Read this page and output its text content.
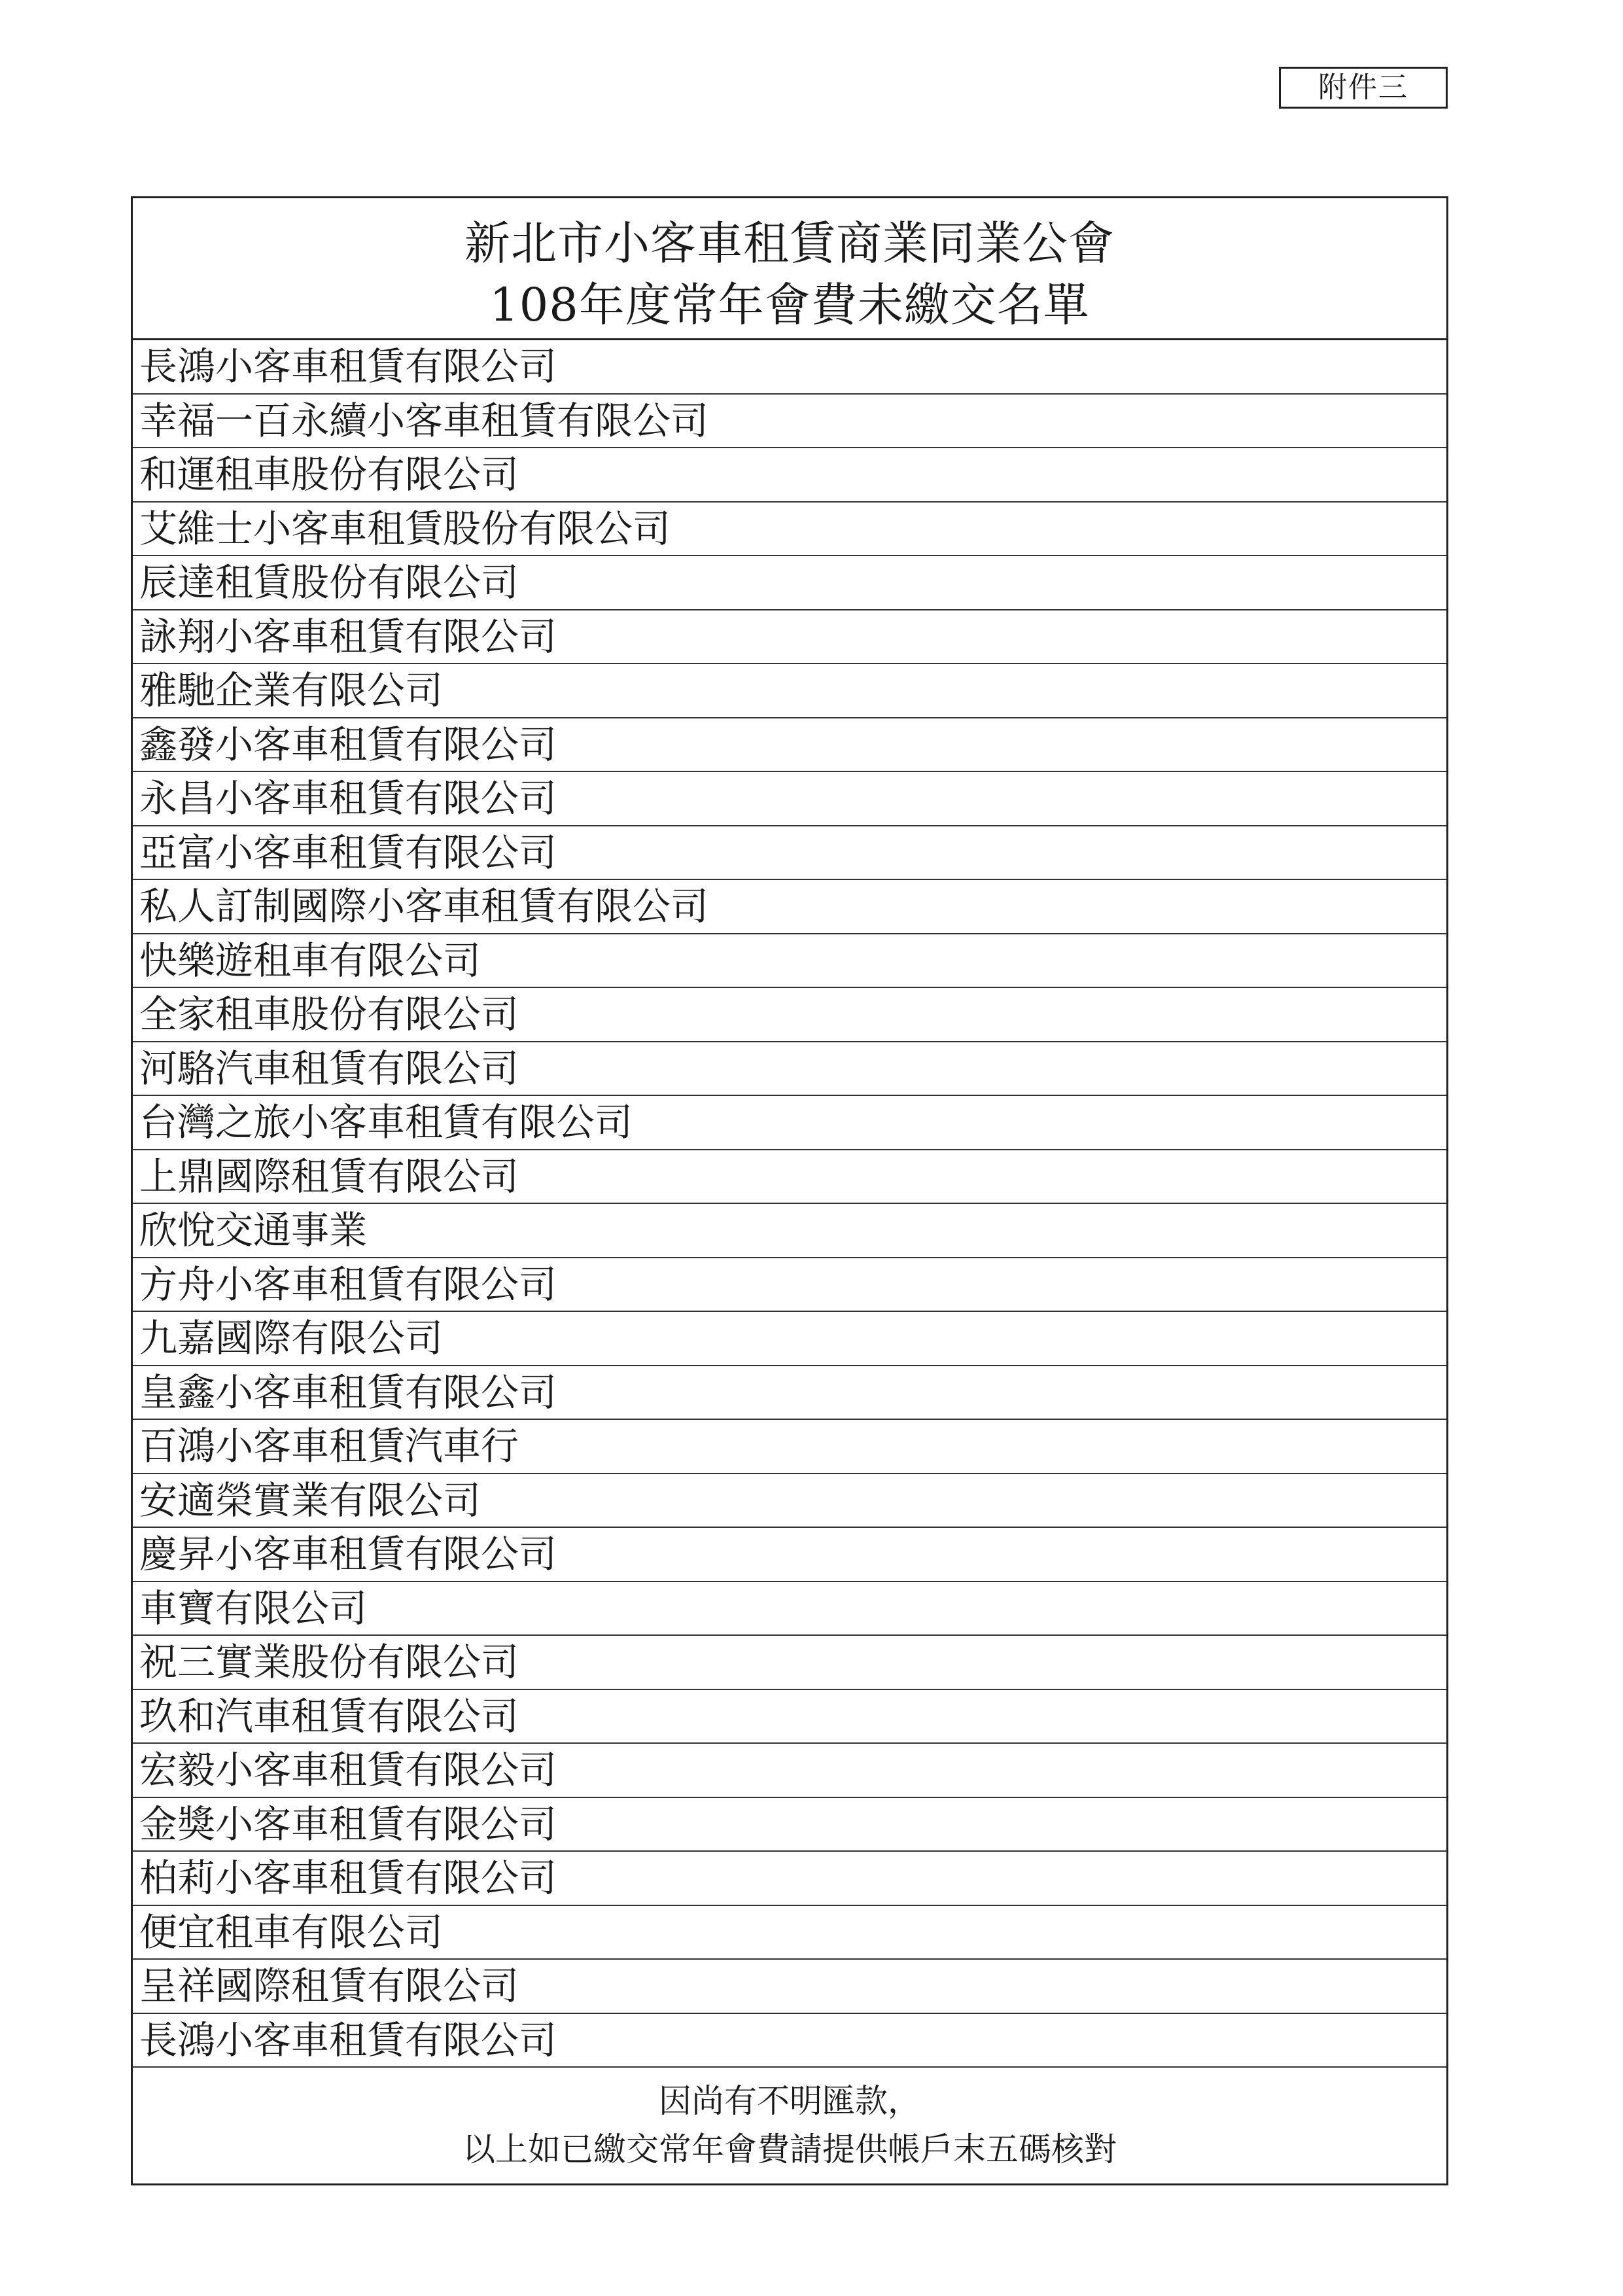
附件三
新北市小客車租賃商業同業公會
108年度常年會費未繳交名單
長鴻小客車租賃有限公司
幸福一百永續小客車租賃有限公司
和運租車股份有限公司
艾維士小客車租賃股份有限公司
辰達租賃股份有限公司
詠翔小客車租賃有限公司
雅馳企業有限公司
鑫發小客車租賃有限公司
永昌小客車租賃有限公司
亞富小客車租賃有限公司
私人訂制國際小客車租賃有限公司
快樂遊租車有限公司
全家租車股份有限公司
河駱汽車租賃有限公司
台灣之旅小客車租賃有限公司
上鼎國際租賃有限公司
欣悅交通事業
方舟小客車租賃有限公司
九嘉國際有限公司
皇鑫小客車租賃有限公司
百鴻小客車租賃汽車行
安適榮實業有限公司
慶昇小客車租賃有限公司
車寶有限公司
祝三實業股份有限公司
玖和汽車租賃有限公司
宏毅小客車租賃有限公司
金獎小客車租賃有限公司
柏莉小客車租賃有限公司
便宜租車有限公司
呈祥國際租賃有限公司
長鴻小客車租賃有限公司
因尚有不明匯款，
以上如已繳交常年會費請提供帳戶末五碼核對
